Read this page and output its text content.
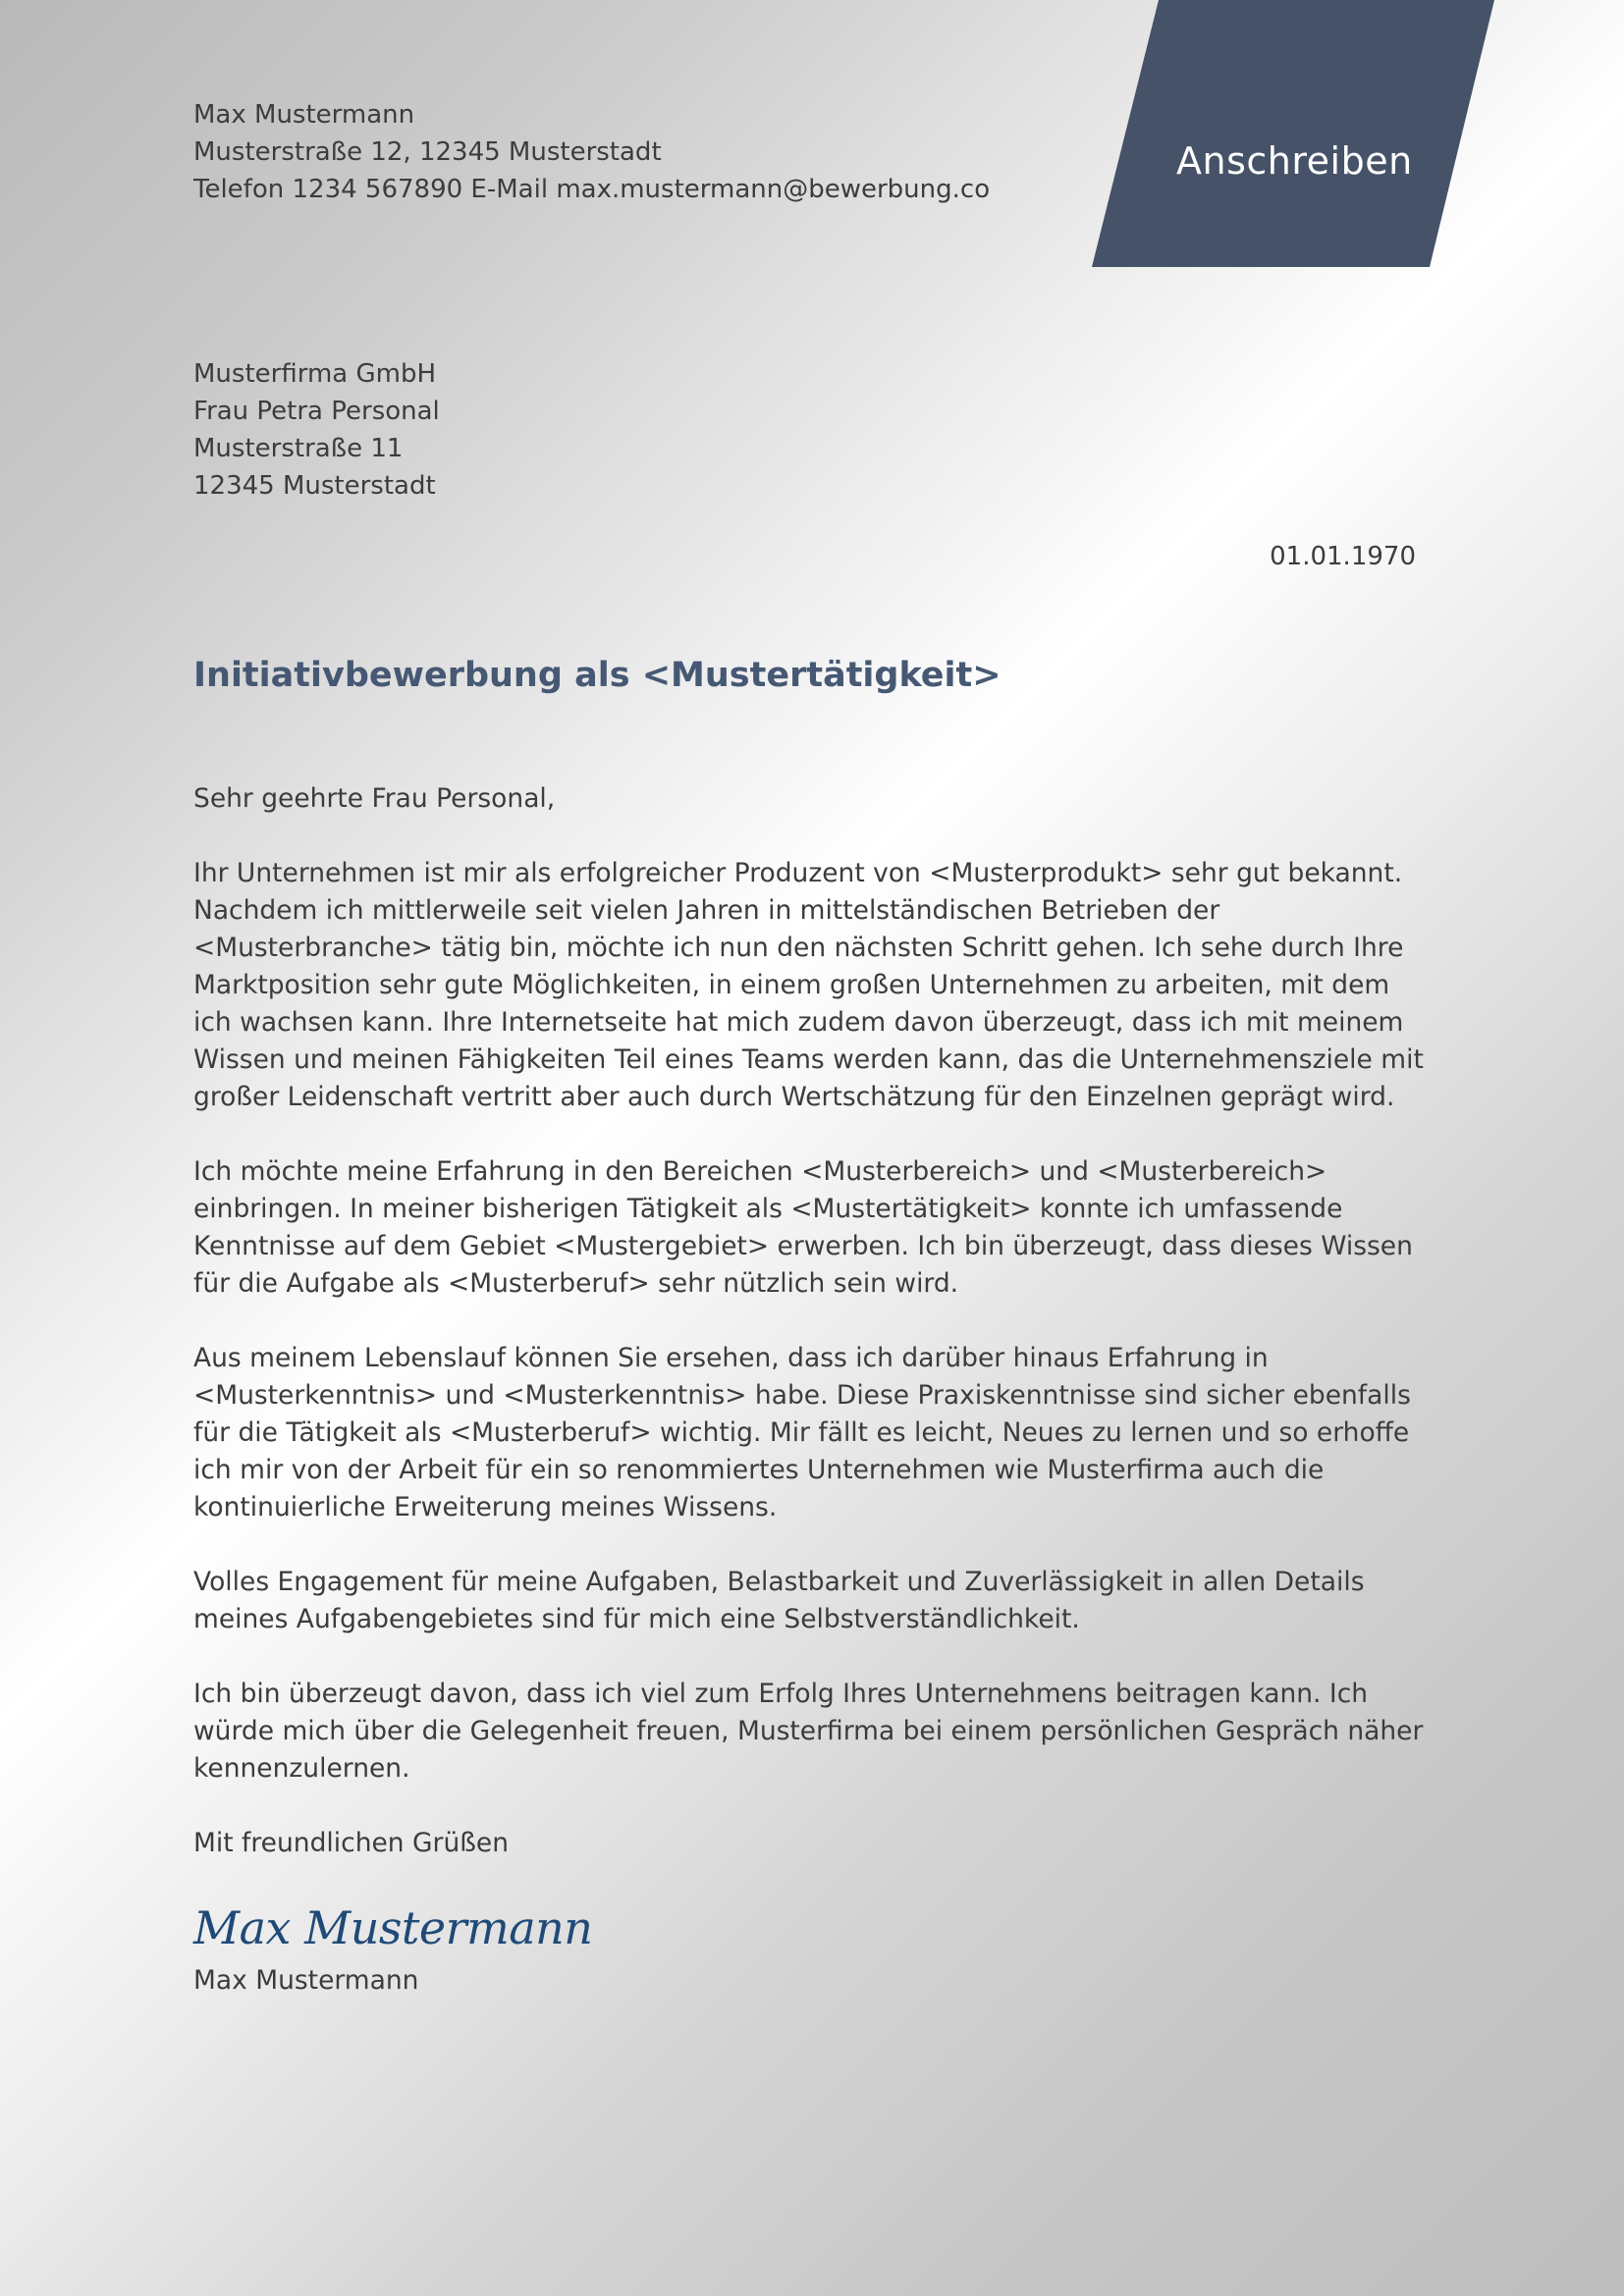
Max Mustermann
Musterstraße 12, 12345 Musterstadt
Telefon 1234 567890 E-Mail max.mustermann@bewerbung.co
Anschreiben
Musterfirma GmbH
Frau Petra Personal
Musterstraße 11
12345 Musterstadt
01.01.1970
Initiativbewerbung als <Mustertätigkeit>

Sehr geehrte Frau Personal,

Ihr Unternehmen ist mir als erfolgreicher Produzent von <Musterprodukt> sehr gut bekannt. Nachdem ich mittlerweile seit vielen Jahren in mittelständischen Betrieben der <Musterbranche> tätig bin, möchte ich nun den nächsten Schritt gehen. Ich sehe durch Ihre Marktposition sehr gute Möglichkeiten, in einem großen Unternehmen zu arbeiten, mit dem ich wachsen kann. Ihre Internetseite hat mich zudem davon überzeugt, dass ich mit meinem Wissen und meinen Fähigkeiten Teil eines Teams werden kann, das die Unternehmensziele mit großer Leidenschaft vertritt aber auch durch Wertschätzung für den Einzelnen geprägt wird.

Ich möchte meine Erfahrung in den Bereichen <Musterbereich> und <Musterbereich> einbringen. In meiner bisherigen Tätigkeit als <Mustertätigkeit> konnte ich umfassende Kenntnisse auf dem Gebiet <Mustergebiet> erwerben. Ich bin überzeugt, dass dieses Wissen für die Aufgabe als <Musterberuf> sehr nützlich sein wird.

Aus meinem Lebenslauf können Sie ersehen, dass ich darüber hinaus Erfahrung in <Musterkenntnis> und <Musterkenntnis> habe. Diese Praxiskenntnisse sind sicher ebenfalls für die Tätigkeit als <Musterberuf> wichtig. Mir fällt es leicht, Neues zu lernen und so erhoffe ich mir von der Arbeit für ein so renommiertes Unternehmen wie Musterfirma auch die kontinuierliche Erweiterung meines Wissens.

Volles Engagement für meine Aufgaben, Belastbarkeit und Zuverlässigkeit in allen Details meines Aufgabengebietes sind für mich eine Selbstverständlichkeit.

Ich bin überzeugt davon, dass ich viel zum Erfolg Ihres Unternehmens beitragen kann. Ich würde mich über die Gelegenheit freuen, Musterfirma bei einem persönlichen Gespräch näher kennenzulernen.

Mit freundlichen Grüßen

Max Mustermann
Max Mustermann
